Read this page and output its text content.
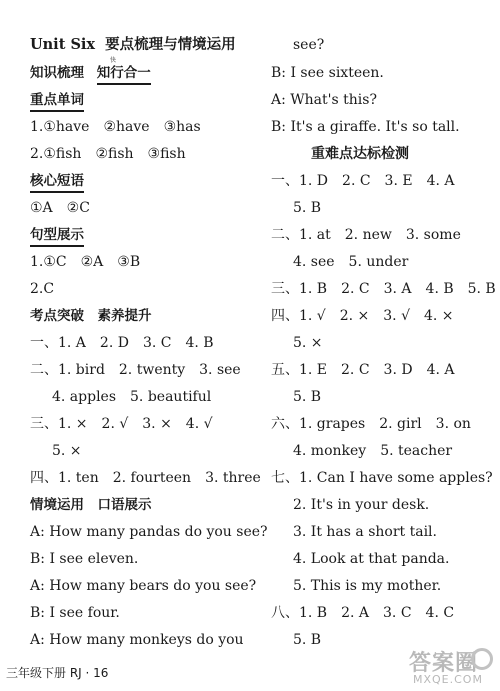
Unit Six 要点梳理与情境运用
知识梳理 知行合一
快
重点单词
1.①have　②have　③has
2.①fish　②fish　③fish
核心短语
①A　②C
句型展示
1.①C　②A　③B
2.C
考点突破　素养提升
一、1. A　2. D　3. C　4. B
二、1. bird　2. twenty　3. see
4. apples　5. beautiful
三、1. ×　2. √　3. ×　4. √
5. ×
四、1. ten　2. fourteen　3. three
情境运用　口语展示
A: How many pandas do you see?
B: I see eleven.
A: How many bears do you see?
B: I see four.
A: How many monkeys do you
see?
B: I see sixteen.
A: What's this?
B: It's a giraffe. It's so tall.
重难点达标检测
一、1. D　2. C　3. E　4. A
5. B
二、1. at　2. new　3. some
4. see　5. under
三、1. B　2. C　3. A　4. B　5. B
四、1. √　2. ×　3. √　4. ×
5. ×
五、1. E　2. C　3. D　4. A
5. B
六、1. grapes　2. girl　3. on
4. monkey　5. teacher
七、1. Can I have some apples?
2. It's in your desk.
3. It has a short tail.
4. Look at that panda.
5. This is my mother.
八、1. B　2. A　3. C　4. C
5. B
三年级下册 RJ · 16	答案圈
MXQE.COM
